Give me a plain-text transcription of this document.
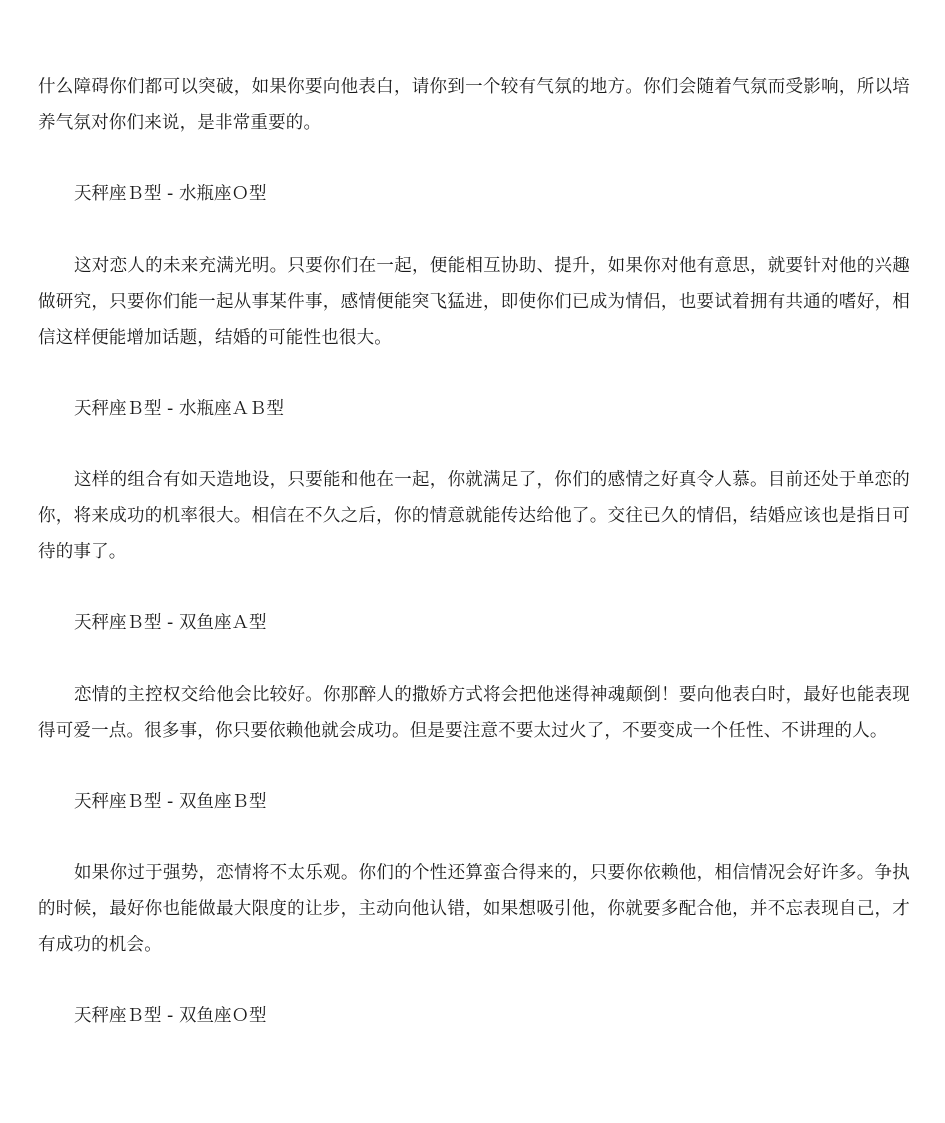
什么障碍你们都可以突破，如果你要向他表白，请你到一个较有气氛的地方。你们会随着气氛而受影响，所以培养气氛对你们来说，是非常重要的。

天秤座Ｂ型 - 水瓶座Ｏ型

这对恋人的未来充满光明。只要你们在一起，便能相互协助、提升，如果你对他有意思，就要针对他的兴趣做研究，只要你们能一起从事某件事，感情便能突飞猛进，即使你们已成为情侣，也要试着拥有共通的嗜好，相信这样便能增加话题，结婚的可能性也很大。

天秤座Ｂ型 - 水瓶座ＡＢ型

这样的组合有如天造地设，只要能和他在一起，你就满足了，你们的感情之好真令人慕。目前还处于单恋的你，将来成功的机率很大。相信在不久之后，你的情意就能传达给他了。交往已久的情侣，结婚应该也是指日可待的事了。

天秤座Ｂ型 - 双鱼座Ａ型

恋情的主控权交给他会比较好。你那醉人的撒娇方式将会把他迷得神魂颠倒！要向他表白时，最好也能表现得可爱一点。很多事，你只要依赖他就会成功。但是要注意不要太过火了，不要变成一个任性、不讲理的人。

天秤座Ｂ型 - 双鱼座Ｂ型

如果你过于强势，恋情将不太乐观。你们的个性还算蛮合得来的，只要你依赖他，相信情况会好许多。争执的时候，最好你也能做最大限度的让步，主动向他认错，如果想吸引他，你就要多配合他，并不忘表现自己，才有成功的机会。

天秤座Ｂ型 - 双鱼座Ｏ型
